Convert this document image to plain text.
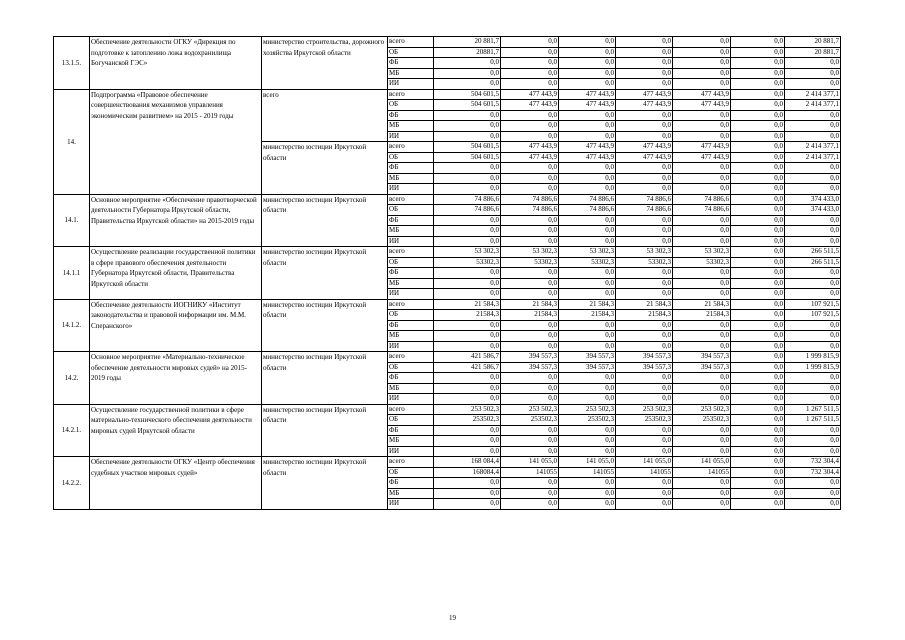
13.1.5.	Обеспечение деятельности ОГКУ «Дирекция по подготовке к затоплению ложа водохранилища Богучанской ГЭС»	министерство строительства, дорожного хозяйства Иркутской области	всего	20 881,7	0,0	0,0	0,0	0,0	0,0	20 881,7
			ОБ	20881,7	0,0	0,0	0,0	0,0	0,0	20 881,7
			ФБ	0,0	0,0	0,0	0,0	0,0	0,0	0,0
			МБ	0,0	0,0	0,0	0,0	0,0	0,0	0,0
			ИИ	0,0	0,0	0,0	0,0	0,0	0,0	0,0
14.	Подпрограмма «Правовое обеспечение совершенствования механизмов управления экономическим развитием» на 2015 - 2019 годы	всего	всего	504 601,5	477 443,9	477 443,9	477 443,9	477 443,9	0,0	2 414 377,1
			ОБ	504 601,5	477 443,9	477 443,9	477 443,9	477 443,9	0,0	2 414 377,1
			ФБ	0,0	0,0	0,0	0,0	0,0	0,0	0,0
			МБ	0,0	0,0	0,0	0,0	0,0	0,0	0,0
			ИИ	0,0	0,0	0,0	0,0	0,0	0,0	0,0
		министерство юстиции Иркутской области	всего	504 601,5	477 443,9	477 443,9	477 443,9	477 443,9	0,0	2 414 377,1
			ОБ	504 601,5	477 443,9	477 443,9	477 443,9	477 443,9	0,0	2 414 377,1
			ФБ	0,0	0,0	0,0	0,0	0,0	0,0	0,0
			МБ	0,0	0,0	0,0	0,0	0,0	0,0	0,0
			ИИ	0,0	0,0	0,0	0,0	0,0	0,0	0,0
14.1.	Основное мероприятие «Обеспечение правотворческой деятельности Губернатора Иркутской области, Правительства Иркутской области» на 2015-2019 годы	министерство юстиции Иркутской области	всего	74 886,6	74 886,6	74 886,6	74 886,6	74 886,6	0,0	374 433,0
			ОБ	74 886,6	74 886,6	74 886,6	74 886,6	74 886,6	0,0	374 433,0
			ФБ	0,0	0,0	0,0	0,0	0,0	0,0	0,0
			МБ	0,0	0,0	0,0	0,0	0,0	0,0	0,0
			ИИ	0,0	0,0	0,0	0,0	0,0	0,0	0,0
14.1.1	Осуществление реализации государственной политики в сфере правового обеспечения деятельности Губернатора Иркутской области, Правительства Иркутской области	министерство юстиции Иркутской области	всего	53 302,3	53 302,3	53 302,3	53 302,3	53 302,3	0,0	266 511,5
			ОБ	53302,3	53302,3	53302,3	53302,3	53302,3	0,0	266 511,5
			ФБ	0,0	0,0	0,0	0,0	0,0	0,0	0,0
			МБ	0,0	0,0	0,0	0,0	0,0	0,0	0,0
			ИИ	0,0	0,0	0,0	0,0	0,0	0,0	0,0
14.1.2.	Обеспечение деятельности ИОГНИКУ «Институт законодательства и правовой информации им. М.М. Сперанского»	министерство юстиции Иркутской области	всего	21 584,3	21 584,3	21 584,3	21 584,3	21 584,3	0,0	107 921,5
			ОБ	21584,3	21584,3	21584,3	21584,3	21584,3	0,0	107 921,5
			ФБ	0,0	0,0	0,0	0,0	0,0	0,0	0,0
			МБ	0,0	0,0	0,0	0,0	0,0	0,0	0,0
			ИИ	0,0	0,0	0,0	0,0	0,0	0,0	0,0
14.2.	Основное мероприятие «Материально-техническое обеспечение деятельности мировых судей» на 2015-2019 годы	министерство юстиции Иркутской области	всего	421 586,7	394 557,3	394 557,3	394 557,3	394 557,3	0,0	1 999 815,9
			ОБ	421 586,7	394 557,3	394 557,3	394 557,3	394 557,3	0,0	1 999 815,9
			ФБ	0,0	0,0	0,0	0,0	0,0	0,0	0,0
			МБ	0,0	0,0	0,0	0,0	0,0	0,0	0,0
			ИИ	0,0	0,0	0,0	0,0	0,0	0,0	0,0
14.2.1.	Осуществление государственной политики в сфере материально-технического обеспечения деятельности мировых судей Иркутской области	министерство юстиции Иркутской области	всего	253 502,3	253 502,3	253 502,3	253 502,3	253 502,3	0,0	1 267 511,5
			ОБ	253502,3	253502,3	253502,3	253502,3	253502,3	0,0	1 267 511,5
			ФБ	0,0	0,0	0,0	0,0	0,0	0,0	0,0
			МБ	0,0	0,0	0,0	0,0	0,0	0,0	0,0
			ИИ	0,0	0,0	0,0	0,0	0,0	0,0	0,0
14.2.2.	Обеспечение деятельности ОГКУ «Центр обеспечения судебных участков мировых судей»	министерство юстиции Иркутской области	всего	168 084,4	141 055,0	141 055,0	141 055,0	141 055,0	0,0	732 304,4
			ОБ	168084,4	141055	141055	141055	141055	0,0	732 304,4
			ФБ	0,0	0,0	0,0	0,0	0,0	0,0	0,0
			МБ	0,0	0,0	0,0	0,0	0,0	0,0	0,0
			ИИ	0,0	0,0	0,0	0,0	0,0	0,0	0,0
19
